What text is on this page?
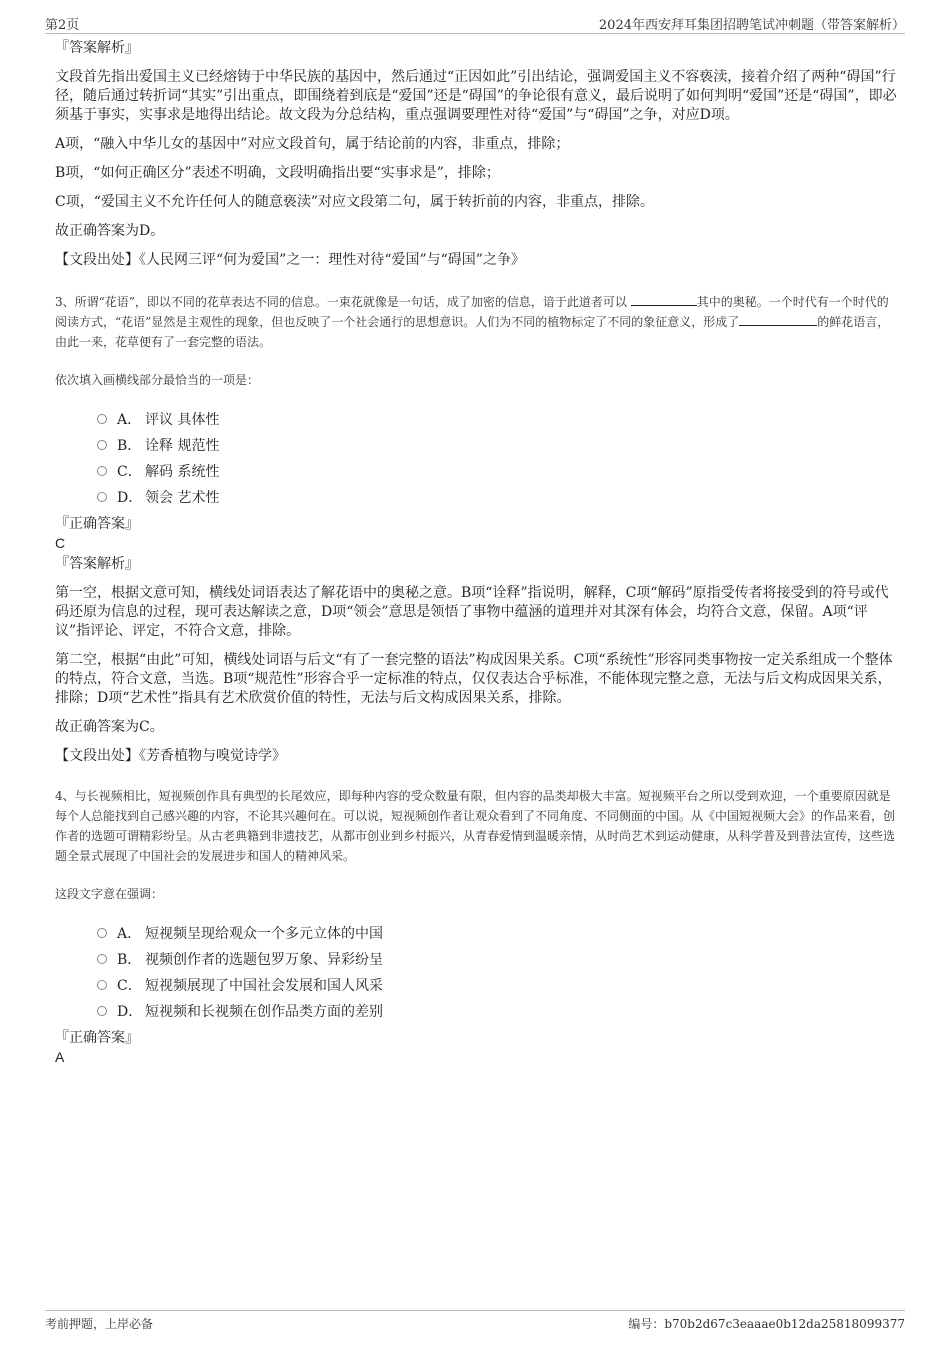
第2页	2024年西安拜耳集团招聘笔试冲刺题（带答案解析）
『答案解析』
文段首先指出爱国主义已经熔铸于中华民族的基因中，然后通过“正因如此”引出结论，强调爱国主义不容亵渎，接着介绍了两种“碍国”行径，随后通过转折词“其实”引出重点，即围绕着到底是“爱国”还是“碍国”的争论很有意义，最后说明了如何判明“爱国”还是“碍国”，即必须基于事实，实事求是地得出结论。故文段为分总结构，重点强调要理性对待“爱国”与“碍国”之争，对应D项。
A项，“融入中华儿女的基因中”对应文段首句，属于结论前的内容，非重点，排除；
B项，“如何正确区分”表述不明确，文段明确指出要“实事求是”，排除；
C项，“爱国主义不允许任何人的随意亵渎”对应文段第二句，属于转折前的内容，非重点，排除。
故正确答案为D。
【文段出处】《人民网三评“何为爱国”之一：理性对待“爱国”与“碍国”之争》
3、所谓“花语”，即以不同的花草表达不同的信息。一束花就像是一句话，成了加密的信息，谙于此道者可以	其中的奥秘。一个时代有一个时代的阅读方式，“花语”显然是主观性的现象，但也反映了一个社会通行的思想意识。人们为不同的植物标定了不同的象征意义，形成了	的鲜花语言，由此一来，花草便有了一套完整的语法。
依次填入画横线部分最恰当的一项是：
A． 评议 具体性
B． 诠释 规范性
C． 解码 系统性
D． 领会 艺术性
『正确答案』
C
『答案解析』
第一空，根据文意可知，横线处词语表达了解花语中的奥秘之意。B项“诠释”指说明，解释，C项“解码”原指受传者将接受到的符号或代码还原为信息的过程，现可表达解读之意，D项“领会”意思是领悟了事物中蕴涵的道理并对其深有体会，均符合文意，保留。A项“评议”指评论、评定，不符合文意，排除。
第二空，根据“由此”可知，横线处词语与后文“有了一套完整的语法”构成因果关系。C项“系统性”形容同类事物按一定关系组成一个整体的特点，符合文意，当选。B项“规范性”形容合乎一定标准的特点，仅仅表达合乎标准，不能体现完整之意，无法与后文构成因果关系，排除；D项“艺术性”指具有艺术欣赏价值的特性，无法与后文构成因果关系，排除。
故正确答案为C。
【文段出处】《芳香植物与嗅觉诗学》
4、与长视频相比，短视频创作具有典型的长尾效应，即每种内容的受众数量有限，但内容的品类却极大丰富。短视频平台之所以受到欢迎，一个重要原因就是每个人总能找到自己感兴趣的内容，不论其兴趣何在。可以说，短视频创作者让观众看到了不同角度、不同侧面的中国。从《中国短视频大会》的作品来看，创作者的选题可谓精彩纷呈。从古老典籍到非遗技艺，从都市创业到乡村振兴，从青春爱情到温暖亲情，从时尚艺术到运动健康，从科学普及到普法宣传，这些选题全景式展现了中国社会的发展进步和国人的精神风采。
这段文字意在强调：
A． 短视频呈现给观众一个多元立体的中国
B． 视频创作者的选题包罗万象、异彩纷呈
C． 短视频展现了中国社会发展和国人风采
D． 短视频和长视频在创作品类方面的差别
『正确答案』
A
考前押题，上岸必备	编号：b70b2d67c3eaaae0b12da25818099377
